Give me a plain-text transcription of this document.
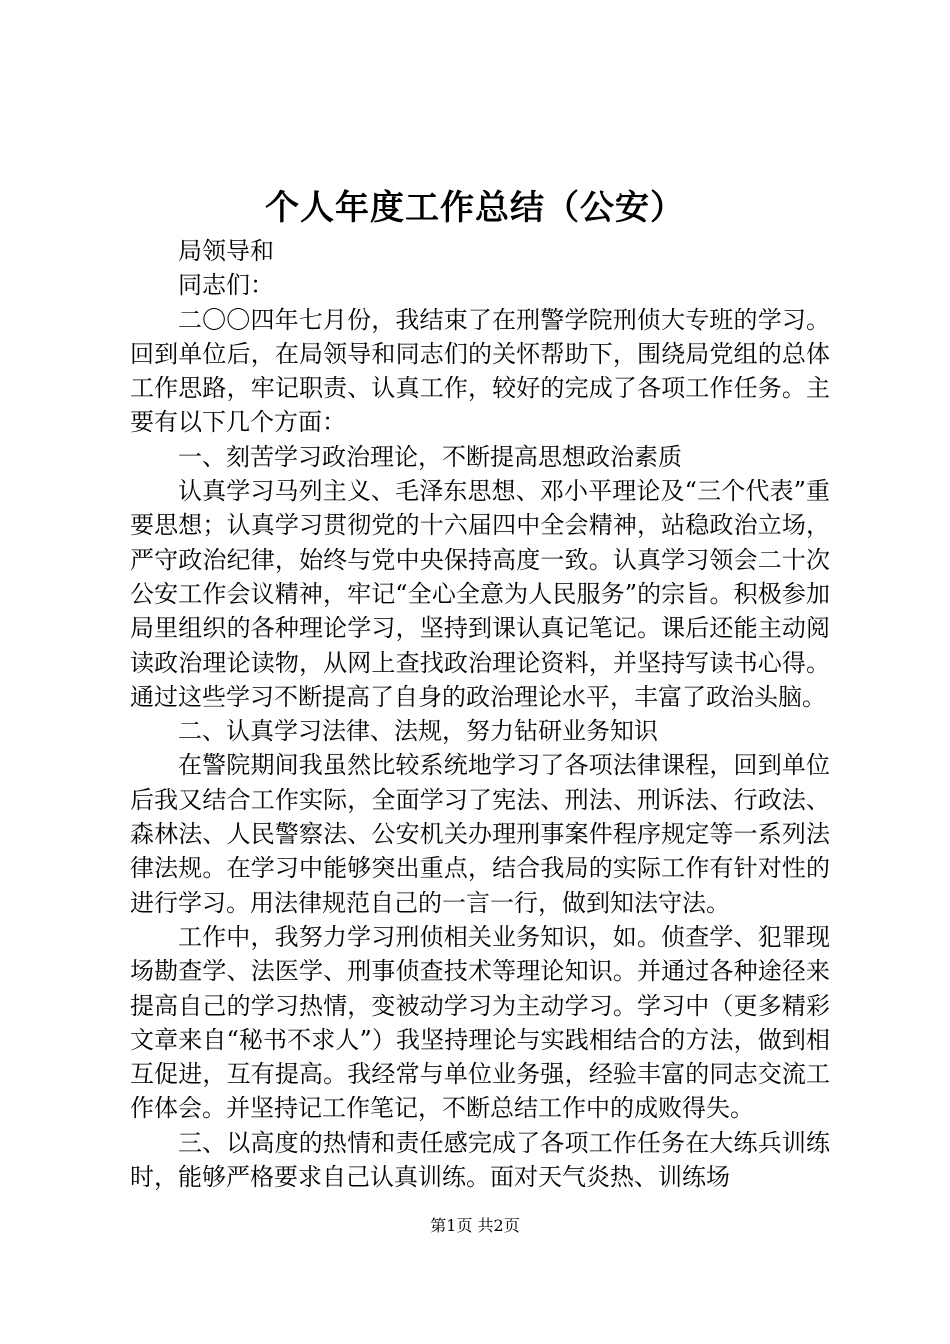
个人年度工作总结（公安）

局领导和

同志们：

二〇〇四年七月份，我结束了在刑警学院刑侦大专班的学习。回到单位后，在局领导和同志们的关怀帮助下，围绕局党组的总体工作思路，牢记职责、认真工作，较好的完成了各项工作任务。主要有以下几个方面：

一、刻苦学习政治理论，不断提高思想政治素质

认真学习马列主义、毛泽东思想、邓小平理论及“三个代表”重要思想；认真学习贯彻党的十六届四中全会精神，站稳政治立场，严守政治纪律，始终与党中央保持高度一致。认真学习领会二十次公安工作会议精神，牢记“全心全意为人民服务”的宗旨。积极参加局里组织的各种理论学习，坚持到课认真记笔记。课后还能主动阅读政治理论读物，从网上查找政治理论资料，并坚持写读书心得。通过这些学习不断提高了自身的政治理论水平，丰富了政治头脑。

二、认真学习法律、法规，努力钻研业务知识

在警院期间我虽然比较系统地学习了各项法律课程，回到单位后我又结合工作实际，全面学习了宪法、刑法、刑诉法、行政法、森林法、人民警察法、公安机关办理刑事案件程序规定等一系列法律法规。在学习中能够突出重点，结合我局的实际工作有针对性的进行学习。用法律规范自己的一言一行，做到知法守法。

工作中，我努力学习刑侦相关业务知识，如。侦查学、犯罪现场勘查学、法医学、刑事侦查技术等理论知识。并通过各种途径来提高自己的学习热情，变被动学习为主动学习。学习中（更多精彩文章来自“秘书不求人”）我坚持理论与实践相结合的方法，做到相互促进，互有提高。我经常与单位业务强，经验丰富的同志交流工作体会。并坚持记工作笔记，不断总结工作中的成败得失。

三、以高度的热情和责任感完成了各项工作任务在大练兵训练时，能够严格要求自己认真训练。面对天气炎热、训练场

第1页 共2页
